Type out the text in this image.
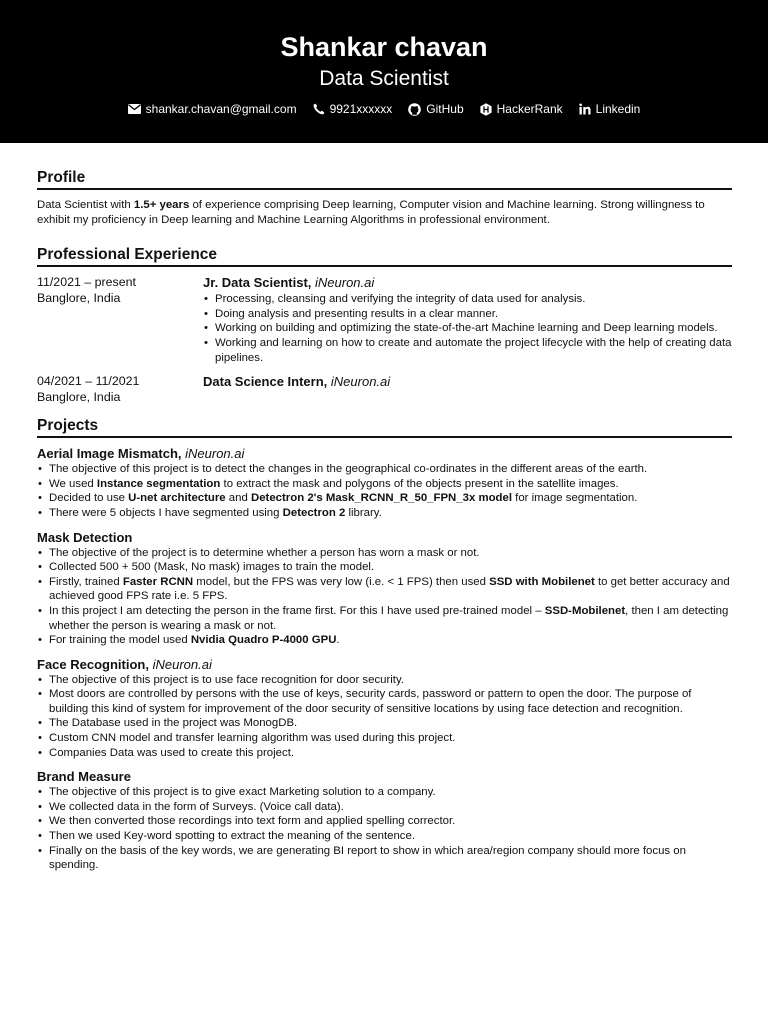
Shankar chavan
Data Scientist
shankar.chavan@gmail.com	9921xxxxxx	GitHub	HackerRank	Linkedin
Profile
Data Scientist with 1.5+ years of experience comprising Deep learning, Computer vision and Machine learning. Strong willingness to exhibit my proficiency in Deep learning and Machine Learning Algorithms in professional environment.
Professional Experience
11/2021 – present
Banglore, India
Jr. Data Scientist, iNeuron.ai
• Processing, cleansing and verifying the integrity of data used for analysis.
• Doing analysis and presenting results in a clear manner.
• Working on building and optimizing the state-of-the-art Machine learning and Deep learning models.
• Working and learning on how to create and automate the project lifecycle with the help of creating data pipelines.
04/2021 – 11/2021
Banglore, India
Data Science Intern, iNeuron.ai
Projects
Aerial Image Mismatch, iNeuron.ai
• The objective of this project is to detect the changes in the geographical co-ordinates in the different areas of the earth.
• We used Instance segmentation to extract the mask and polygons of the objects present in the satellite images.
• Decided to use U-net architecture and Detectron 2's Mask_RCNN_R_50_FPN_3x model for image segmentation.
• There were 5 objects I have segmented using Detectron 2 library.
Mask Detection
• The objective of the project is to determine whether a person has worn a mask or not.
• Collected 500 + 500 (Mask, No mask) images to train the model.
• Firstly, trained Faster RCNN model, but the FPS was very low (i.e. < 1 FPS) then used SSD with Mobilenet to get better accuracy and achieved good FPS rate i.e. 5 FPS.
• In this project I am detecting the person in the frame first. For this I have used pre-trained model – SSD-Mobilenet, then I am detecting whether the person is wearing a mask or not.
• For training the model used Nvidia Quadro P-4000 GPU.
Face Recognition, iNeuron.ai
• The objective of this project is to use face recognition for door security.
• Most doors are controlled by persons with the use of keys, security cards, password or pattern to open the door. The purpose of building this kind of system for improvement of the door security of sensitive locations by using face detection and recognition.
• The Database used in the project was MonogDB.
• Custom CNN model and transfer learning algorithm was used during this project.
• Companies Data was used to create this project.
Brand Measure
• The objective of this project is to give exact Marketing solution to a company.
• We collected data in the form of Surveys. (Voice call data).
• We then converted those recordings into text form and applied spelling corrector.
• Then we used Key-word spotting to extract the meaning of the sentence.
• Finally on the basis of the key words, we are generating BI report to show in which area/region company should more focus on spending.
